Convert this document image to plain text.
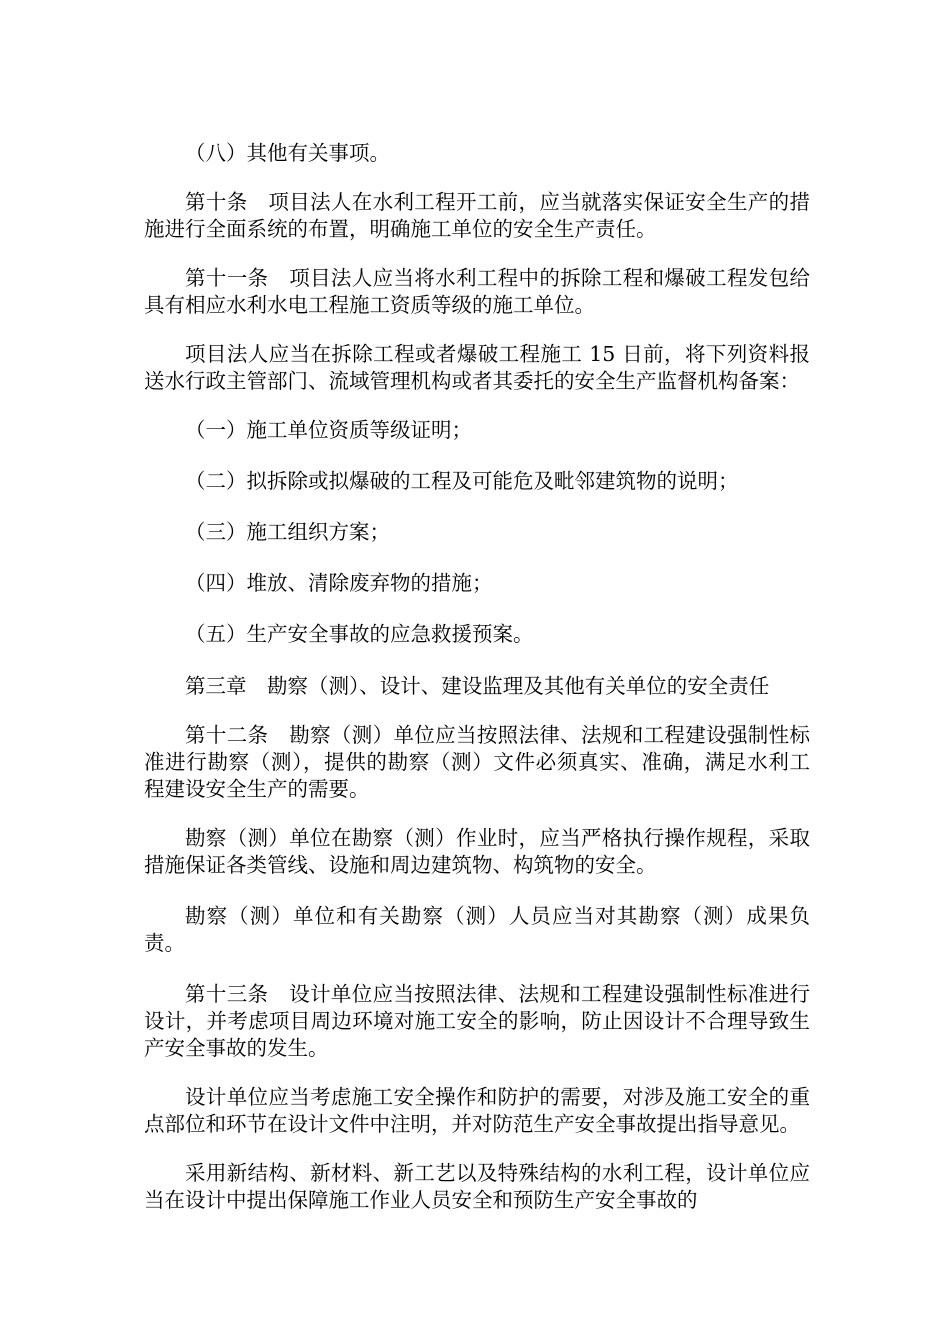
（八）其他有关事项。

第十条　项目法人在水利工程开工前，应当就落实保证安全生产的措施进行全面系统的布置，明确施工单位的安全生产责任。

第十一条　项目法人应当将水利工程中的拆除工程和爆破工程发包给具有相应水利水电工程施工资质等级的施工单位。

项目法人应当在拆除工程或者爆破工程施工 15 日前，将下列资料报送水行政主管部门、流域管理机构或者其委托的安全生产监督机构备案：

（一）施工单位资质等级证明；

（二）拟拆除或拟爆破的工程及可能危及毗邻建筑物的说明；

（三）施工组织方案；

（四）堆放、清除废弃物的措施；

（五）生产安全事故的应急救援预案。

第三章　勘察（测）、设计、建设监理及其他有关单位的安全责任

第十二条　勘察（测）单位应当按照法律、法规和工程建设强制性标准进行勘察（测），提供的勘察（测）文件必须真实、准确，满足水利工程建设安全生产的需要。

勘察（测）单位在勘察（测）作业时，应当严格执行操作规程，采取措施保证各类管线、设施和周边建筑物、构筑物的安全。

勘察（测）单位和有关勘察（测）人员应当对其勘察（测）成果负责。

第十三条　设计单位应当按照法律、法规和工程建设强制性标准进行设计，并考虑项目周边环境对施工安全的影响，防止因设计不合理导致生产安全事故的发生。

设计单位应当考虑施工安全操作和防护的需要，对涉及施工安全的重点部位和环节在设计文件中注明，并对防范生产安全事故提出指导意见。

采用新结构、新材料、新工艺以及特殊结构的水利工程，设计单位应当在设计中提出保障施工作业人员安全和预防生产安全事故的
